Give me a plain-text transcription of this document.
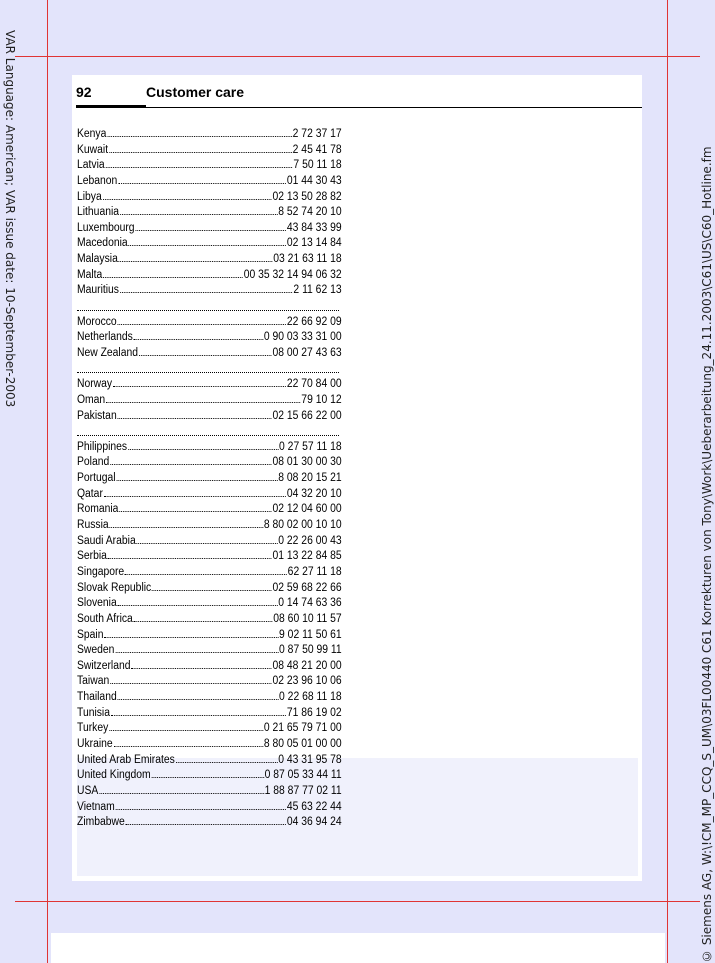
VAR Language: American; VAR issue date: 10-September-2003	© Siemens AG, W:\!CM_MP_CCQ_S_UM\03FL00440 C61 Korrekturen von Tony\Work\Ueberarbeitung_24.11.2003\C61\US\C60_Hotline.fm
92	Customer care
Kenya	2 72 37 17
Kuwait	2 45 41 78
Latvia	7 50 11 18
Lebanon	01 44 30 43
Libya	02 13 50 28 82
Lithuania	8 52 74 20 10
Luxembourg	43 84 33 99
Macedonia	02 13 14 84
Malaysia	03 21 63 11 18
Malta	00 35 32 14 94 06 32
Mauritius	2 11 62 13
Morocco	22 66 92 09
Netherlands	0 90 03 33 31 00
New Zealand	08 00 27 43 63
Norway	22 70 84 00
Oman	79 10 12
Pakistan	02 15 66 22 00
Philippines	0 27 57 11 18
Poland	08 01 30 00 30
Portugal	8 08 20 15 21
Qatar	04 32 20 10
Romania	02 12 04 60 00
Russia	8 80 02 00 10 10
Saudi Arabia	0 22 26 00 43
Serbia	01 13 22 84 85
Singapore	62 27 11 18
Slovak Republic	02 59 68 22 66
Slovenia	0 14 74 63 36
South Africa	08 60 10 11 57
Spain	9 02 11 50 61
Sweden	0 87 50 99 11
Switzerland	08 48 21 20 00
Taiwan	02 23 96 10 06
Thailand	0 22 68 11 18
Tunisia	71 86 19 02
Turkey	0 21 65 79 71 00
Ukraine	8 80 05 01 00 00
United Arab Emirates	0 43 31 95 78
United Kingdom	0 87 05 33 44 11
USA	1 88 87 77 02 11
Vietnam	45 63 22 44
Zimbabwe	04 36 94 24
